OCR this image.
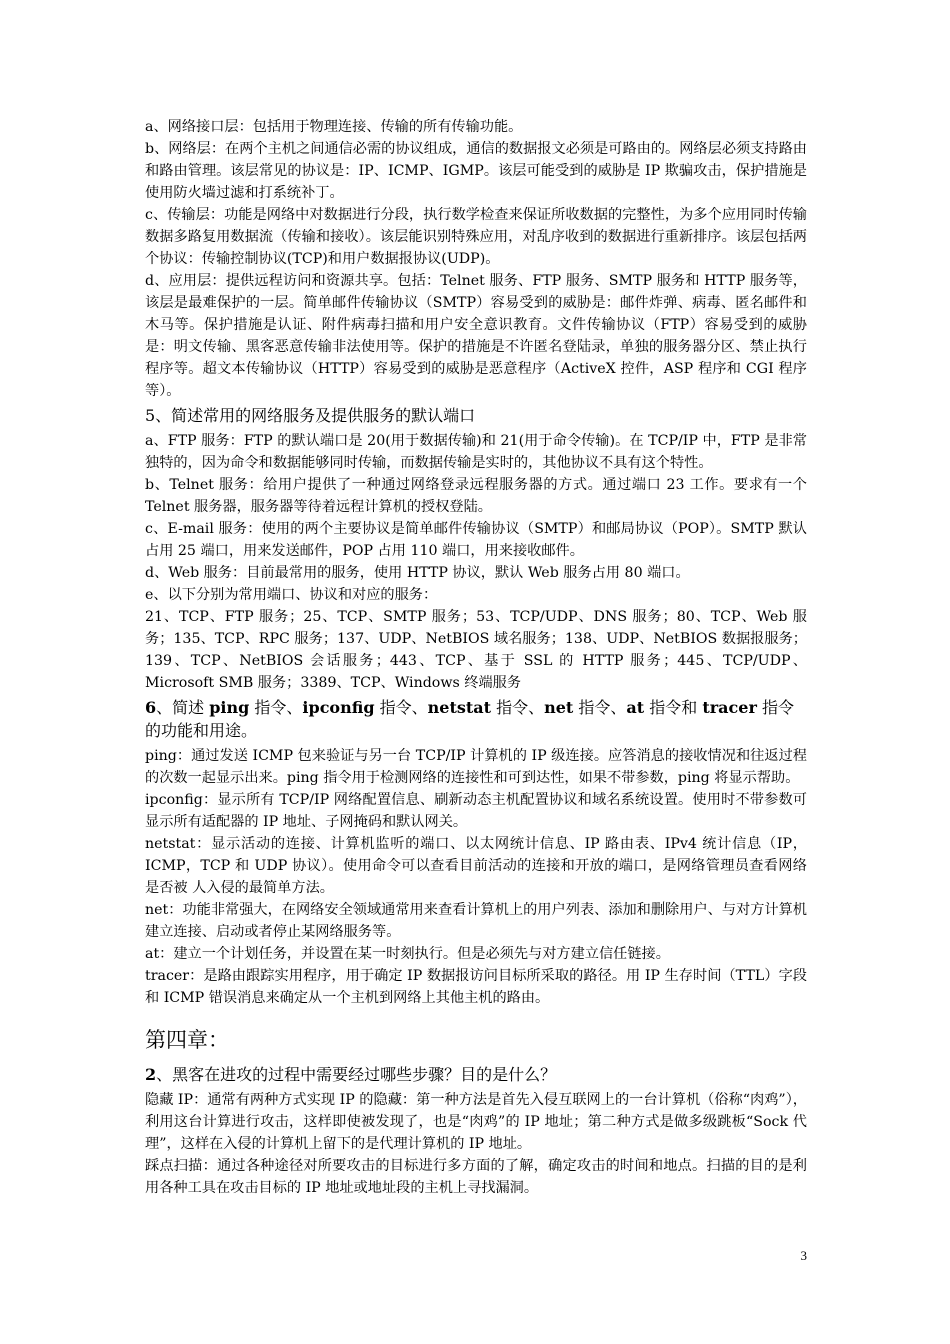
a、网络接口层：包括用于物理连接、传输的所有传输功能。

b、网络层：在两个主机之间通信必需的协议组成，通信的数据报文必须是可路由的。网络层必须支持路由和路由管理。该层常见的协议是：IP、ICMP、IGMP。该层可能受到的威胁是 IP 欺骗攻击，保护措施是使用防火墙过滤和打系统补丁。

c、传输层：功能是网络中对数据进行分段，执行数学检查来保证所收数据的完整性，为多个应用同时传输数据多路复用数据流（传输和接收）。该层能识别特殊应用，对乱序收到的数据进行重新排序。该层包括两个协议：传输控制协议(TCP)和用户数据报协议(UDP)。

d、应用层：提供远程访问和资源共享。包括：Telnet 服务、FTP 服务、SMTP 服务和 HTTP 服务等，该层是最难保护的一层。简单邮件传输协议（SMTP）容易受到的威胁是：邮件炸弹、病毒、匿名邮件和木马等。保护措施是认证、附件病毒扫描和用户安全意识教育。文件传输协议（FTP）容易受到的威胁是：明文传输、黑客恶意传输非法使用等。保护的措施是不许匿名登陆录，单独的服务器分区、禁止执行程序等。超文本传输协议（HTTP）容易受到的威胁是恶意程序（ActiveX 控件，ASP 程序和 CGI 程序等）。

5、简述常用的网络服务及提供服务的默认端口

a、FTP 服务：FTP 的默认端口是 20(用于数据传输)和 21(用于命令传输)。在 TCP/IP 中，FTP 是非常独特的，因为命令和数据能够同时传输，而数据传输是实时的，其他协议不具有这个特性。

b、Telnet 服务：给用户提供了一种通过网络登录远程服务器的方式。通过端口 23 工作。要求有一个 Telnet 服务器，服务器等待着远程计算机的授权登陆。

c、E-mail 服务：使用的两个主要协议是简单邮件传输协议（SMTP）和邮局协议（POP）。SMTP 默认占用 25 端口，用来发送邮件，POP 占用 110 端口，用来接收邮件。

d、Web 服务：目前最常用的服务，使用 HTTP 协议，默认 Web 服务占用 80 端口。

e、以下分别为常用端口、协议和对应的服务：

21、TCP、FTP 服务；25、TCP、SMTP 服务；53、TCP/UDP、DNS 服务；80、TCP、Web 服务；135、TCP、RPC 服务；137、UDP、NetBIOS 域名服务；138、UDP、NetBIOS 数据报服务；139、TCP、NetBIOS 会话服务；443、TCP、基于 SSL 的 HTTP 服务；445、TCP/UDP、Microsoft SMB 服务；3389、TCP、Windows 终端服务

6、简述 ping 指令、ipconfig 指令、netstat 指令、net 指令、at 指令和 tracer 指令的功能和用途。

ping：通过发送 ICMP 包来验证与另一台 TCP/IP 计算机的 IP 级连接。应答消息的接收情况和往返过程的次数一起显示出来。ping 指令用于检测网络的连接性和可到达性，如果不带参数，ping 将显示帮助。

ipconfig：显示所有 TCP/IP 网络配置信息、刷新动态主机配置协议和域名系统设置。使用时不带参数可显示所有适配器的 IP 地址、子网掩码和默认网关。

netstat：显示活动的连接、计算机监听的端口、以太网统计信息、IP 路由表、IPv4 统计信息（IP，ICMP，TCP 和 UDP 协议）。使用命令可以查看目前活动的连接和开放的端口，是网络管理员查看网络是否被 人入侵的最简单方法。

net：功能非常强大，在网络安全领域通常用来查看计算机上的用户列表、添加和删除用户、与对方计算机建立连接、启动或者停止某网络服务等。

at：建立一个计划任务，并设置在某一时刻执行。但是必须先与对方建立信任链接。

tracer：是路由跟踪实用程序，用于确定 IP 数据报访问目标所采取的路径。用 IP 生存时间（TTL）字段和 ICMP 错误消息来确定从一个主机到网络上其他主机的路由。

第四章：
2、黑客在进攻的过程中需要经过哪些步骤？目的是什么？

隐藏 IP：通常有两种方式实现 IP 的隐藏：第一种方法是首先入侵互联网上的一台计算机（俗称“肉鸡”），利用这台计算进行攻击，这样即使被发现了，也是“肉鸡”的 IP 地址；第二种方式是做多级跳板“Sock 代理”，这样在入侵的计算机上留下的是代理计算机的 IP 地址。

踩点扫描：通过各种途径对所要攻击的目标进行多方面的了解，确定攻击的时间和地点。扫描的目的是利用各种工具在攻击目标的 IP 地址或地址段的主机上寻找漏洞。

3
